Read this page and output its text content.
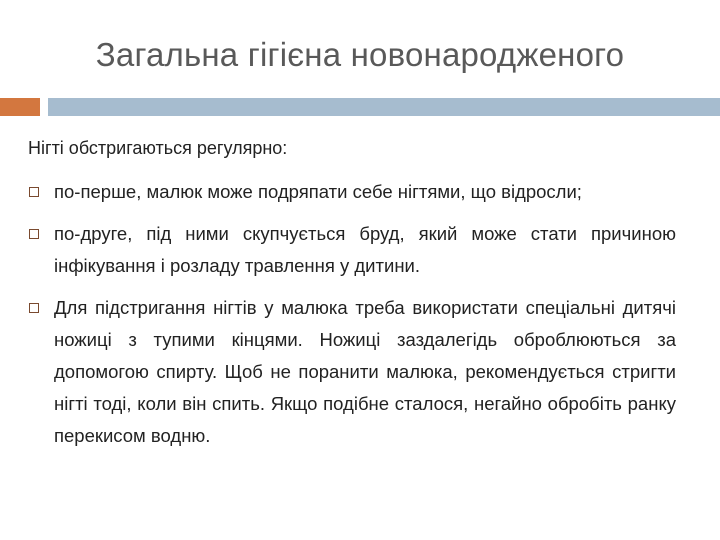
Загальна гігієна новонародженого
Нігті обстригаються регулярно:
по-перше, малюк може подряпати себе нігтями, що відросли;
по-друге, під ними скупчується бруд, який може стати причиною інфікування і розладу травлення у дитини.
Для підстригання нігтів у малюка треба використати спеціальні дитячі ножиці з тупими кінцями. Ножиці заздалегідь оброблюються за допомогою спирту. Щоб не поранити малюка, рекомендується стригти нігті тоді, коли він спить. Якщо подібне сталося, негайно обробіть ранку перекисом водню.
